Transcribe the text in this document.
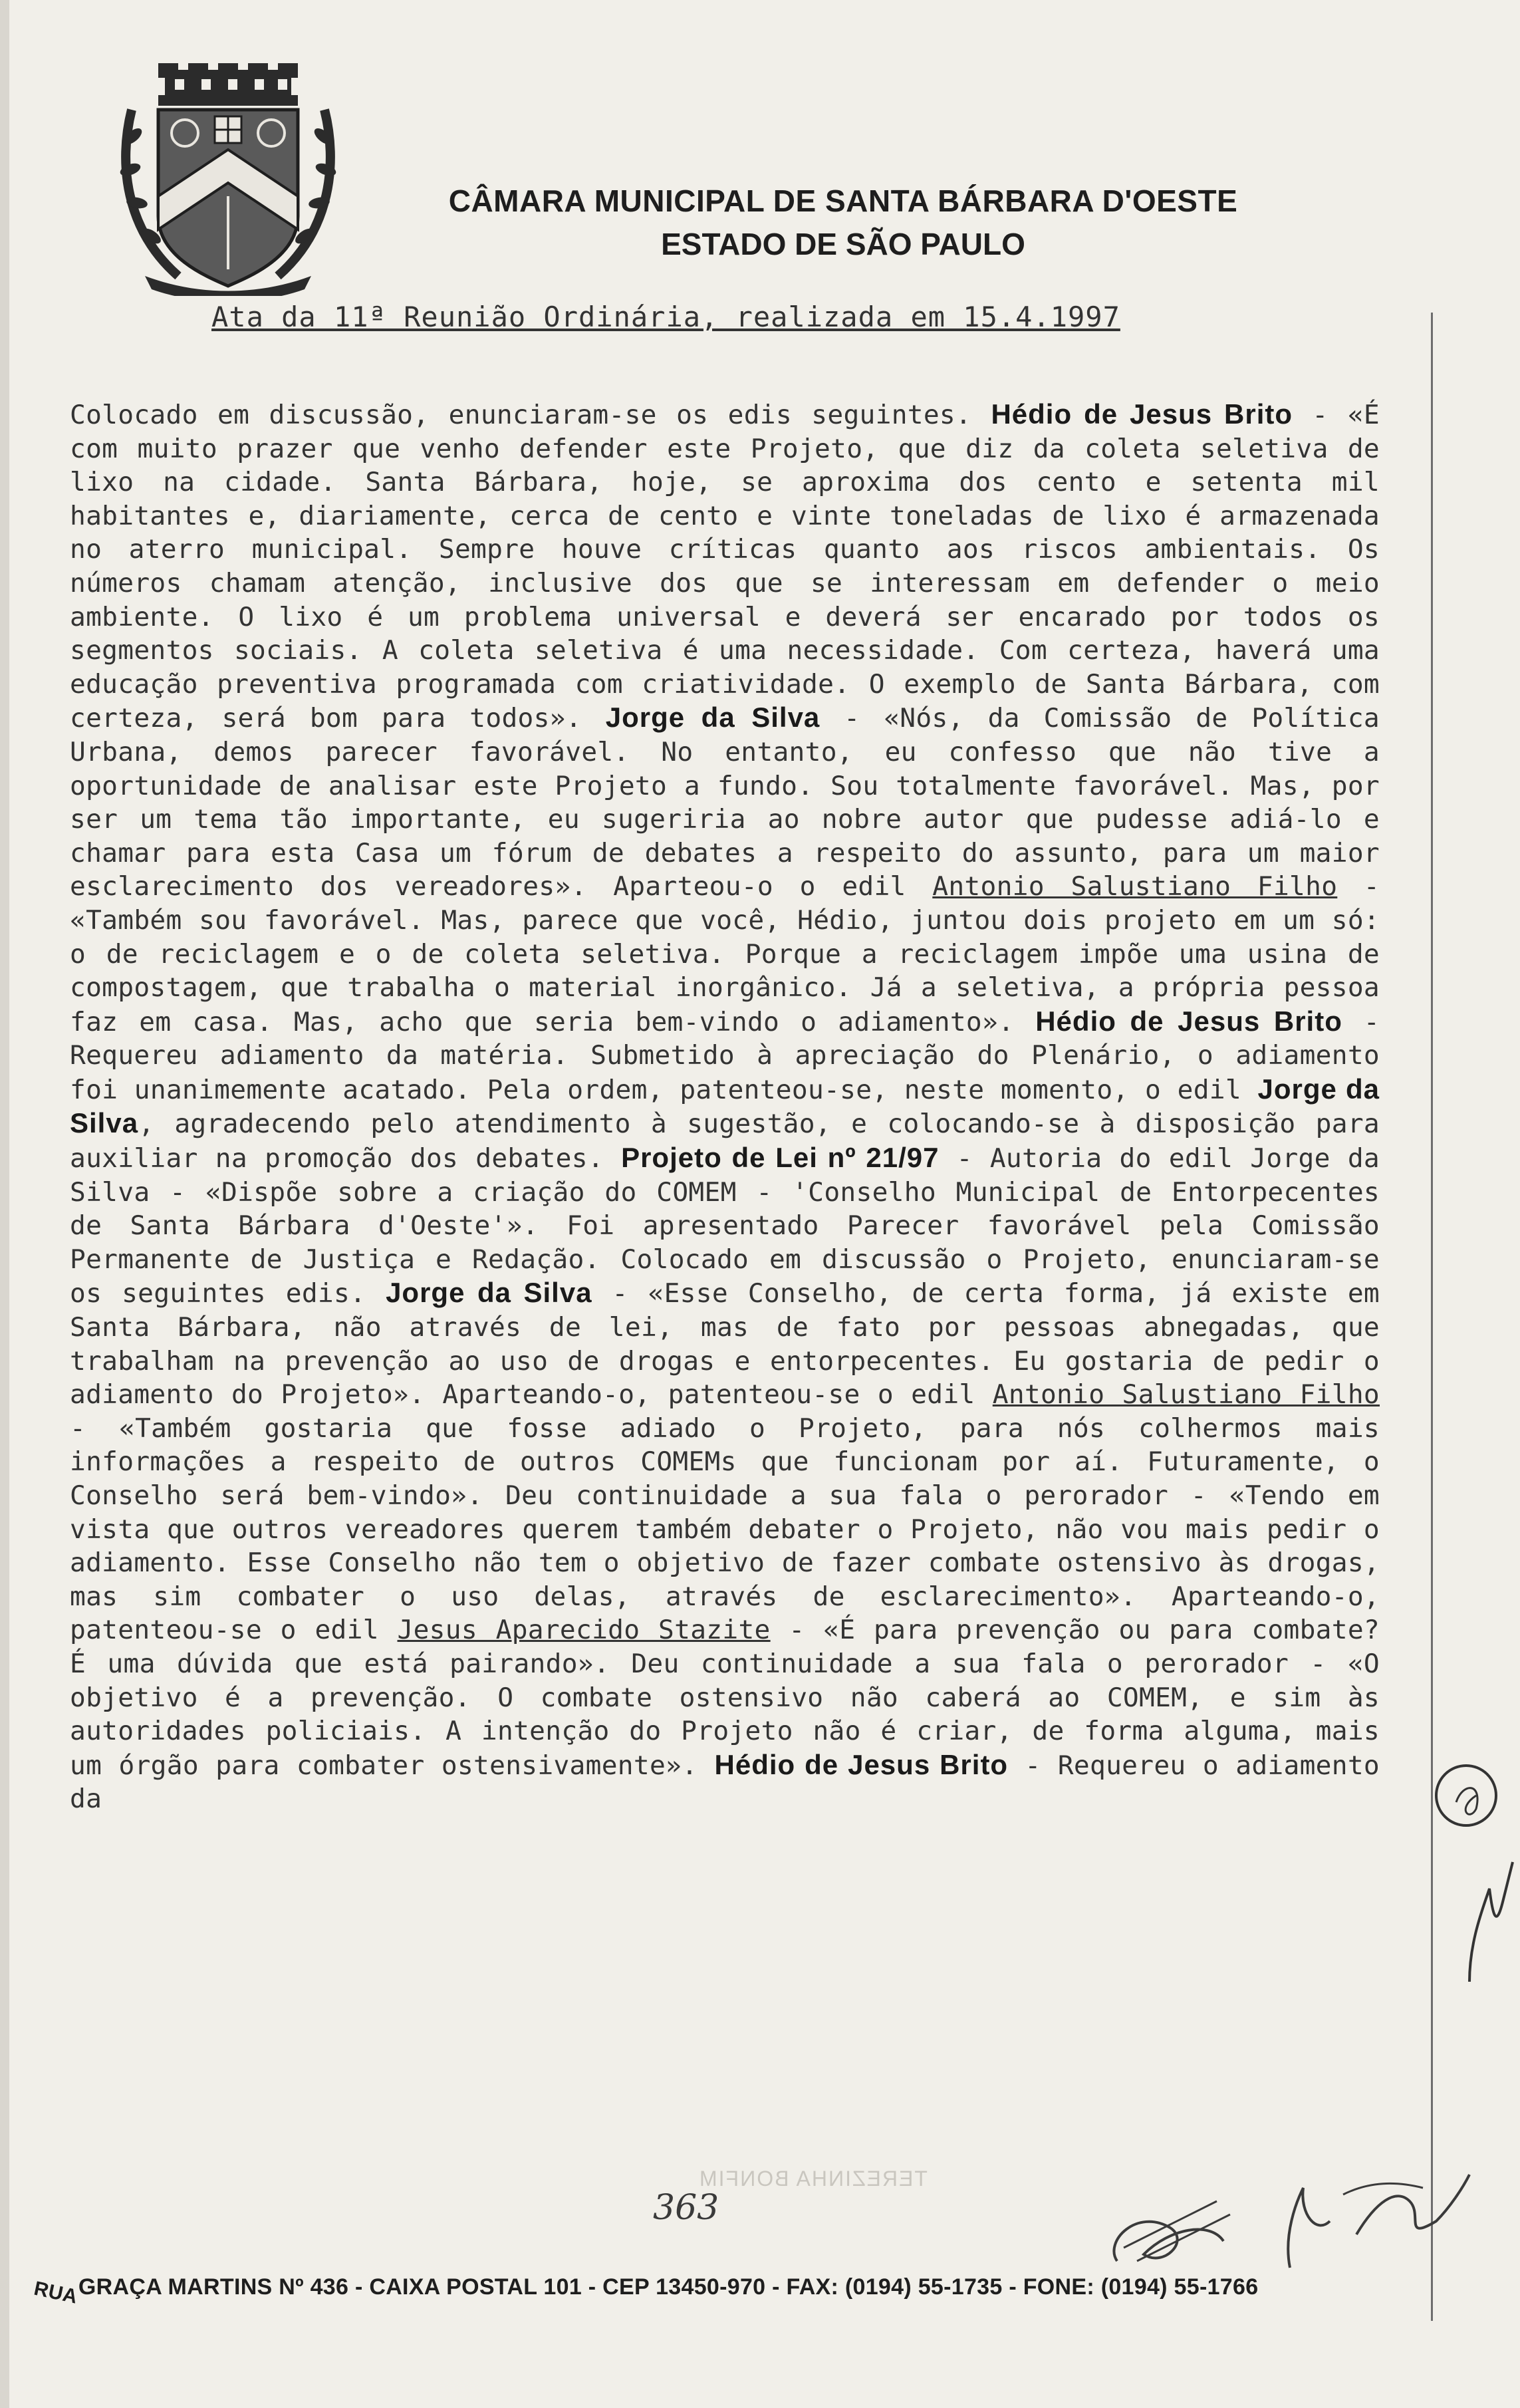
CÂMARA MUNICIPAL DE SANTA BÁRBARA D'OESTE
ESTADO DE SÃO PAULO
Ata da 11ª Reunião Ordinária, realizada em 15.4.1997
Colocado em discussão, enunciaram-se os edis seguintes. Hédio de Jesus Brito - «É com muito prazer que venho defender este Projeto, que diz da coleta seletiva de lixo na cidade. Santa Bárbara, hoje, se aproxima dos cento e setenta mil habitantes e, diariamente, cerca de cento e vinte toneladas de lixo é armazenada no aterro municipal. Sempre houve críticas quanto aos riscos ambientais. Os números chamam atenção, inclusive dos que se interessam em defender o meio ambiente. O lixo é um problema universal e deverá ser encarado por todos os segmentos sociais. A coleta seletiva é uma necessidade. Com certeza, haverá uma educação preventiva programada com criatividade. O exemplo de Santa Bárbara, com certeza, será bom para todos». Jorge da Silva - «Nós, da Comissão de Política Urbana, demos parecer favorável. No entanto, eu confesso que não tive a oportunidade de analisar este Projeto a fundo. Sou totalmente favorável. Mas, por ser um tema tão importante, eu sugeriria ao nobre autor que pudesse adiá-lo e chamar para esta Casa um fórum de debates a respeito do assunto, para um maior esclarecimento dos vereadores». Aparteou-o o edil Antonio Salustiano Filho - «Também sou favorável. Mas, parece que você, Hédio, juntou dois projeto em um só: o de reciclagem e o de coleta seletiva. Porque a reciclagem impõe uma usina de compostagem, que trabalha o material inorgânico. Já a seletiva, a própria pessoa faz em casa. Mas, acho que seria bem-vindo o adiamento». Hédio de Jesus Brito - Requereu adiamento da matéria. Submetido à apreciação do Plenário, o adiamento foi unanimemente acatado. Pela ordem, patenteou-se, neste momento, o edil Jorge da Silva, agradecendo pelo atendimento à sugestão, e colocando-se à disposição para auxiliar na promoção dos debates. Projeto de Lei nº 21/97 - Autoria do edil Jorge da Silva - «Dispõe sobre a criação do COMEM - 'Conselho Municipal de Entorpecentes de Santa Bárbara d'Oeste'». Foi apresentado Parecer favorável pela Comissão Permanente de Justiça e Redação. Colocado em discussão o Projeto, enunciaram-se os seguintes edis. Jorge da Silva - «Esse Conselho, de certa forma, já existe em Santa Bárbara, não através de lei, mas de fato por pessoas abnegadas, que trabalham na prevenção ao uso de drogas e entorpecentes. Eu gostaria de pedir o adiamento do Projeto». Aparteando-o, patenteou-se o edil Antonio Salustiano Filho - «Também gostaria que fosse adiado o Projeto, para nós colhermos mais informações a respeito de outros COMEMs que funcionam por aí. Futuramente, o Conselho será bem-vindo». Deu continuidade a sua fala o perorador - «Tendo em vista que outros vereadores querem também debater o Projeto, não vou mais pedir o adiamento. Esse Conselho não tem o objetivo de fazer combate ostensivo às drogas, mas sim combater o uso delas, através de esclarecimento». Aparteando-o, patenteou-se o edil Jesus Aparecido Stazite - «É para prevenção ou para combate? É uma dúvida que está pairando». Deu continuidade a sua fala o perorador - «O objetivo é a prevenção. O combate ostensivo não caberá ao COMEM, e sim às autoridades policiais. A intenção do Projeto não é criar, de forma alguma, mais um órgão para combater ostensivamente». Hédio de Jesus Brito - Requereu o adiamento da
TEREZINHA BONFIM
363
RUAGRAÇA MARTINS Nº 436 - CAIXA POSTAL 101 - CEP 13450-970 - FAX: (0194) 55-1735 - FONE: (0194) 55-1766
